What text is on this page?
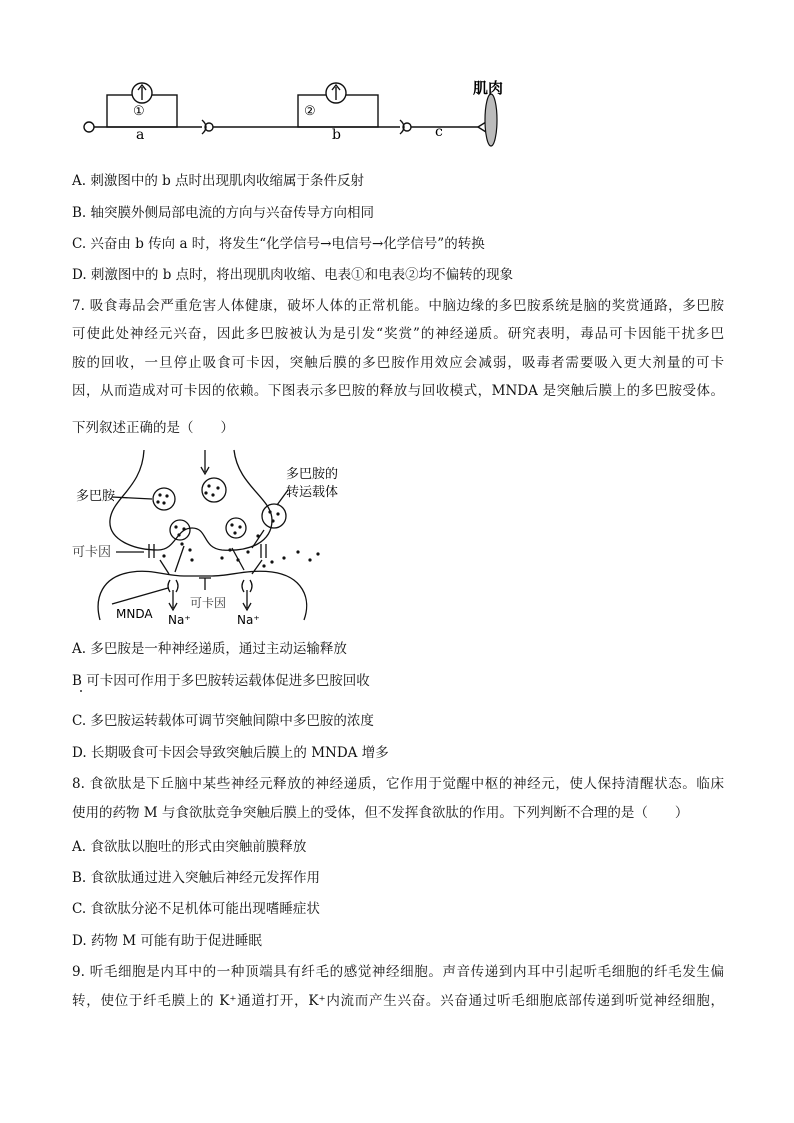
①	②
a	b	c
肌肉
A. 刺激图中的 b 点时出现肌肉收缩属于条件反射
B. 轴突膜外侧局部电流的方向与兴奋传导方向相同
C. 兴奋由 b 传向 a 时，将发生“化学信号→电信号→化学信号”的转换
D. 刺激图中的 b 点时，将出现肌肉收缩、电表①和电表②均不偏转的现象
7. 吸食毒品会严重危害人体健康，破坏人体的正常机能。中脑边缘的多巴胺系统是脑的奖赏通路，多巴胺
可使此处神经元兴奋，因此多巴胺被认为是引发“奖赏”的神经递质。研究表明，毒品可卡因能干扰多巴
胺的回收，一旦停止吸食可卡因，突触后膜的多巴胺作用效应会减弱，吸毒者需要吸入更大剂量的可卡
因，从而造成对可卡因的依赖。下图表示多巴胺的释放与回收模式，MNDA 是突触后膜上的多巴胺受体。
下列叙述正确的是（　　）
多巴胺
多巴胺的
转运载体
可卡因
可卡因
MNDA Na⁺	Na⁺
A. 多巴胺是一种神经递质，通过主动运输释放
B 可卡因可作用于多巴胺转运载体促进多巴胺回收
C. 多巴胺运转载体可调节突触间隙中多巴胺的浓度
D. 长期吸食可卡因会导致突触后膜上的 MNDA 增多
8. 食欲肽是下丘脑中某些神经元释放的神经递质，它作用于觉醒中枢的神经元，使人保持清醒状态。临床
使用的药物 M 与食欲肽竞争突触后膜上的受体，但不发挥食欲肽的作用。下列判断不合理的是（　　）
A. 食欲肽以胞吐的形式由突触前膜释放
B. 食欲肽通过进入突触后神经元发挥作用
C. 食欲肽分泌不足机体可能出现嗜睡症状
D. 药物 M 可能有助于促进睡眠
9. 听毛细胞是内耳中的一种顶端具有纤毛的感觉神经细胞。声音传递到内耳中引起听毛细胞的纤毛发生偏
转，使位于纤毛膜上的 K⁺通道打开，K⁺内流而产生兴奋。兴奋通过听毛细胞底部传递到听觉神经细胞，
